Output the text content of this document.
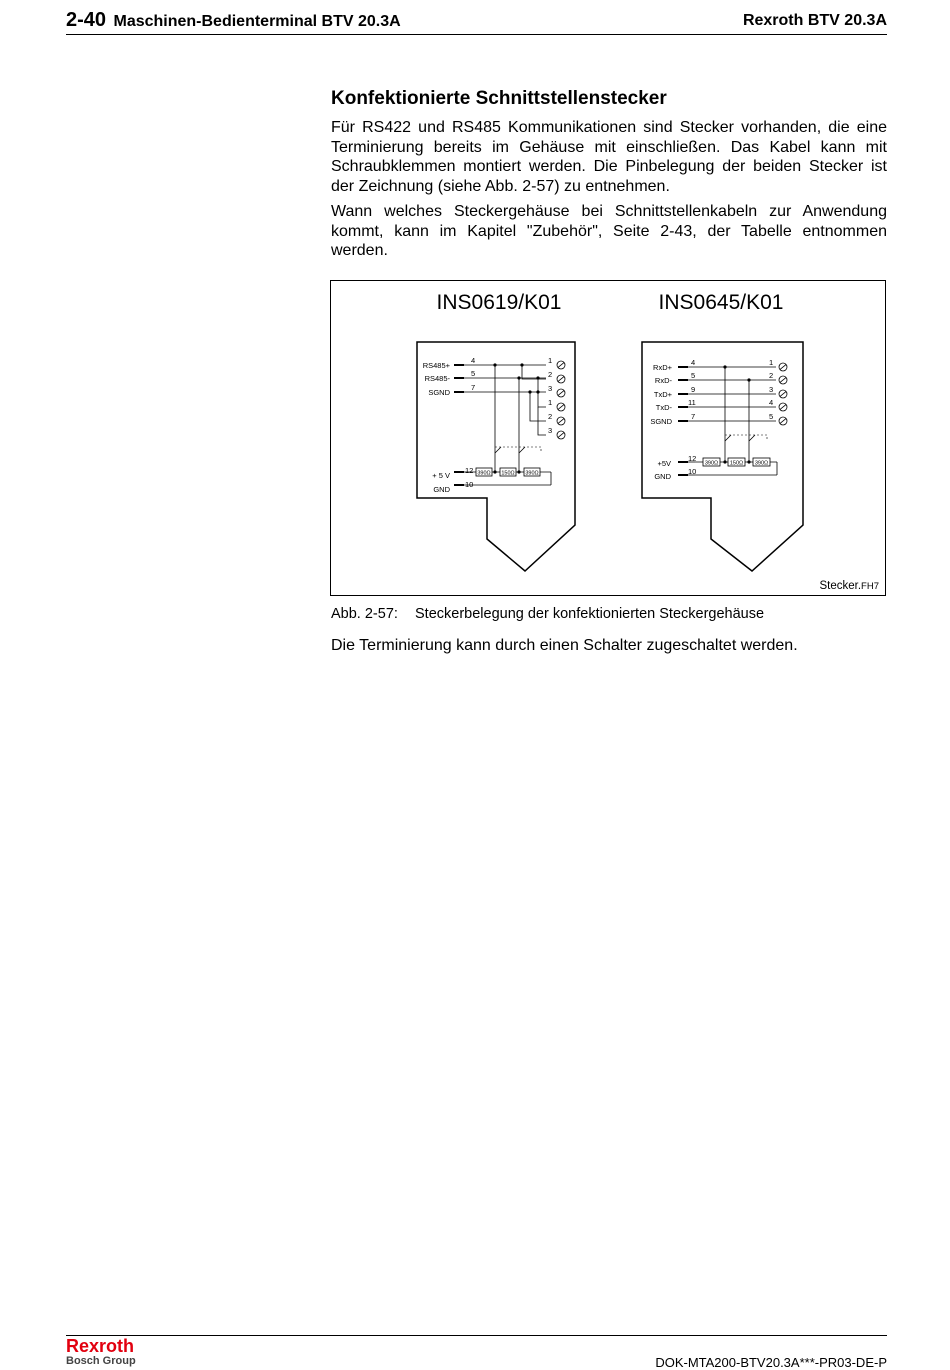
2-40 Maschinen-Bedienterminal BTV 20.3A	Rexroth BTV 20.3A
Konfektionierte Schnittstellenstecker
Für RS422 und RS485 Kommunikationen sind Stecker vorhanden, die eine Terminierung bereits im Gehäuse mit einschließen. Das Kabel kann mit Schraubklemmen montiert werden. Die Pinbelegung der beiden Stecker ist der Zeichnung (siehe Abb. 2-57) zu entnehmen.
Wann welches Steckergehäuse bei Schnittstellenkabeln zur Anwendung kommt, kann im Kapitel "Zubehör", Seite 2-43, der Tabelle entnommen werden.
INS0619/K01	INS0645/K01
RS485+
RS485-
SGND
4
5
7
1
2
3
1
2
3
+ 5 V
GND
12
10
390Ω 150Ω 390Ω
RxD+
RxD-
TxD+
TxD-
SGND
4
5
9
11
7
1
2
3
4
5
+5V
GND
12
10
390Ω 150Ω 390Ω
Stecker.FH7
Abb. 2-57: Steckerbelegung der konfektionierten Steckergehäuse
Die Terminierung kann durch einen Schalter zugeschaltet werden.
Rexroth
Bosch Group	DOK-MTA200-BTV20.3A***-PR03-DE-P
